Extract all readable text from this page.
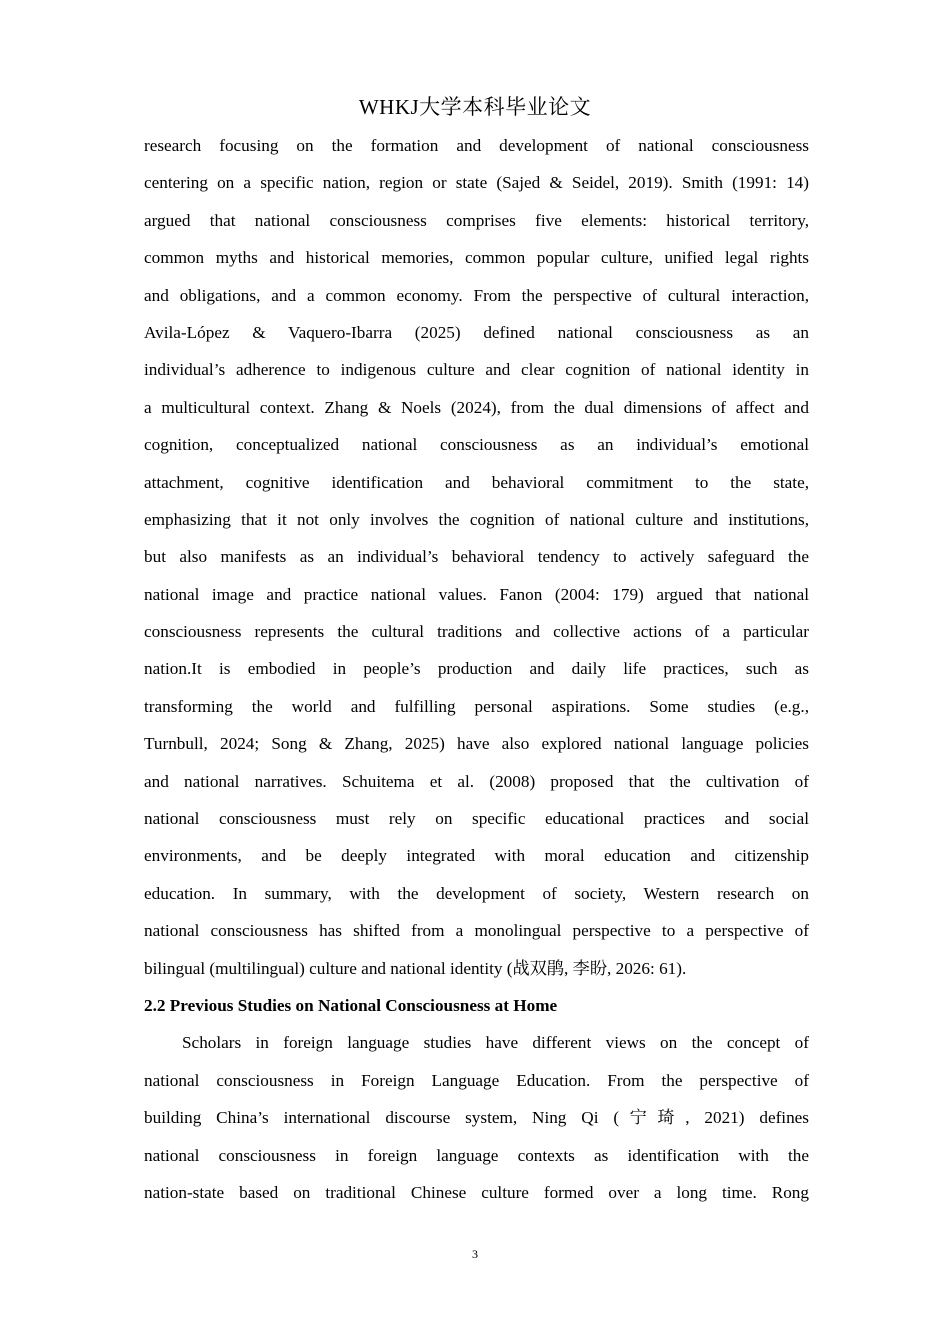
WHKJ大学本科毕业论文
research focusing on the formation and development of national consciousness
centering on a specific nation, region or state (Sajed & Seidel, 2019). Smith (1991: 14)
argued that national consciousness comprises five elements: historical territory,
common myths and historical memories, common popular culture, unified legal rights
and obligations, and a common economy. From the perspective of cultural interaction,
Avila-López & Vaquero-Ibarra (2025) defined national consciousness as an
individual’s adherence to indigenous culture and clear cognition of national identity in
a multicultural context. Zhang & Noels (2024), from the dual dimensions of affect and
cognition, conceptualized national consciousness as an individual’s emotional
attachment, cognitive identification and behavioral commitment to the state,
emphasizing that it not only involves the cognition of national culture and institutions,
but also manifests as an individual’s behavioral tendency to actively safeguard the
national image and practice national values. Fanon (2004: 179) argued that national
consciousness represents the cultural traditions and collective actions of a particular
nation.It is embodied in people’s production and daily life practices, such as
transforming the world and fulfilling personal aspirations. Some studies (e.g.,
Turnbull, 2024; Song & Zhang, 2025) have also explored national language policies
and national narratives. Schuitema et al. (2008) proposed that the cultivation of
national consciousness must rely on specific educational practices and social
environments, and be deeply integrated with moral education and citizenship
education. In summary, with the development of society, Western research on
national consciousness has shifted from a monolingual perspective to a perspective of
bilingual (multilingual) culture and national identity (战双鹃, 李盼, 2026: 61).
2.2 Previous Studies on National Consciousness at Home
Scholars in foreign language studies have different views on the concept of
national consciousness in Foreign Language Education. From the perspective of
building China’s international discourse system, Ning Qi (宁琦, 2021) defines
national consciousness in foreign language contexts as identification with the
nation-state based on traditional Chinese culture formed over a long time. Rong
3
